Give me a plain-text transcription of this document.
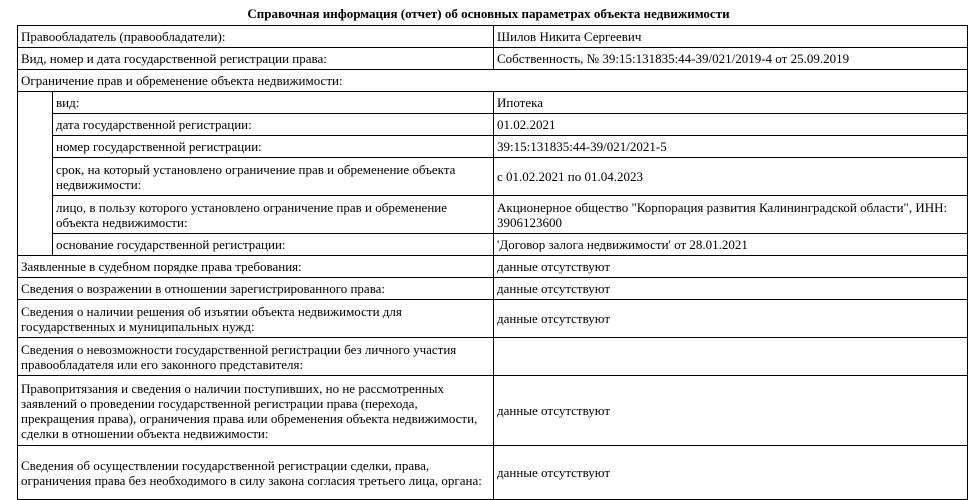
Справочная информация (отчет) об основных параметрах объекта недвижимости
Правообладатель (правообладатели):		Шилов Никита Сергеевич
Вид, номер и дата государственной регистрации права:		Собственность, № 39:15:131835:44-39/021/2019-4 от 25.09.2019
Ограничение прав и обременение объекта недвижимости:		
	вид:	Ипотека
	дата государственной регистрации:	01.02.2021
	номер государственной регистрации:	39:15:131835:44-39/021/2021-5
	срок, на который установлено ограничение прав и обременение объекта недвижимости:	с 01.02.2021 по 01.04.2023
	лицо, в пользу которого установлено ограничение прав и обременение объекта недвижимости:	Акционерное общество "Корпорация развития Калининградской области", ИНН: 3906123600
	основание государственной регистрации:	'Договор залога недвижимости' от 28.01.2021
Заявленные в судебном порядке права требования:		данные отсутствуют
Сведения о возражении в отношении зарегистрированного права:		данные отсутствуют
Сведения о наличии решения об изъятии объекта недвижимости для государственных и муниципальных нужд:		данные отсутствуют
Сведения о невозможности государственной регистрации без личного участия правообладателя или его законного представителя:		
Правопритязания и сведения о наличии поступивших, но не рассмотренных заявлений о проведении государственной регистрации права (перехода, прекращения права), ограничения права или обременения объекта недвижимости, сделки в отношении объекта недвижимости:		данные отсутствуют
Сведения об осуществлении государственной регистрации сделки, права, ограничения права без необходимого в силу закона согласия третьего лица, органа:		данные отсутствуют
